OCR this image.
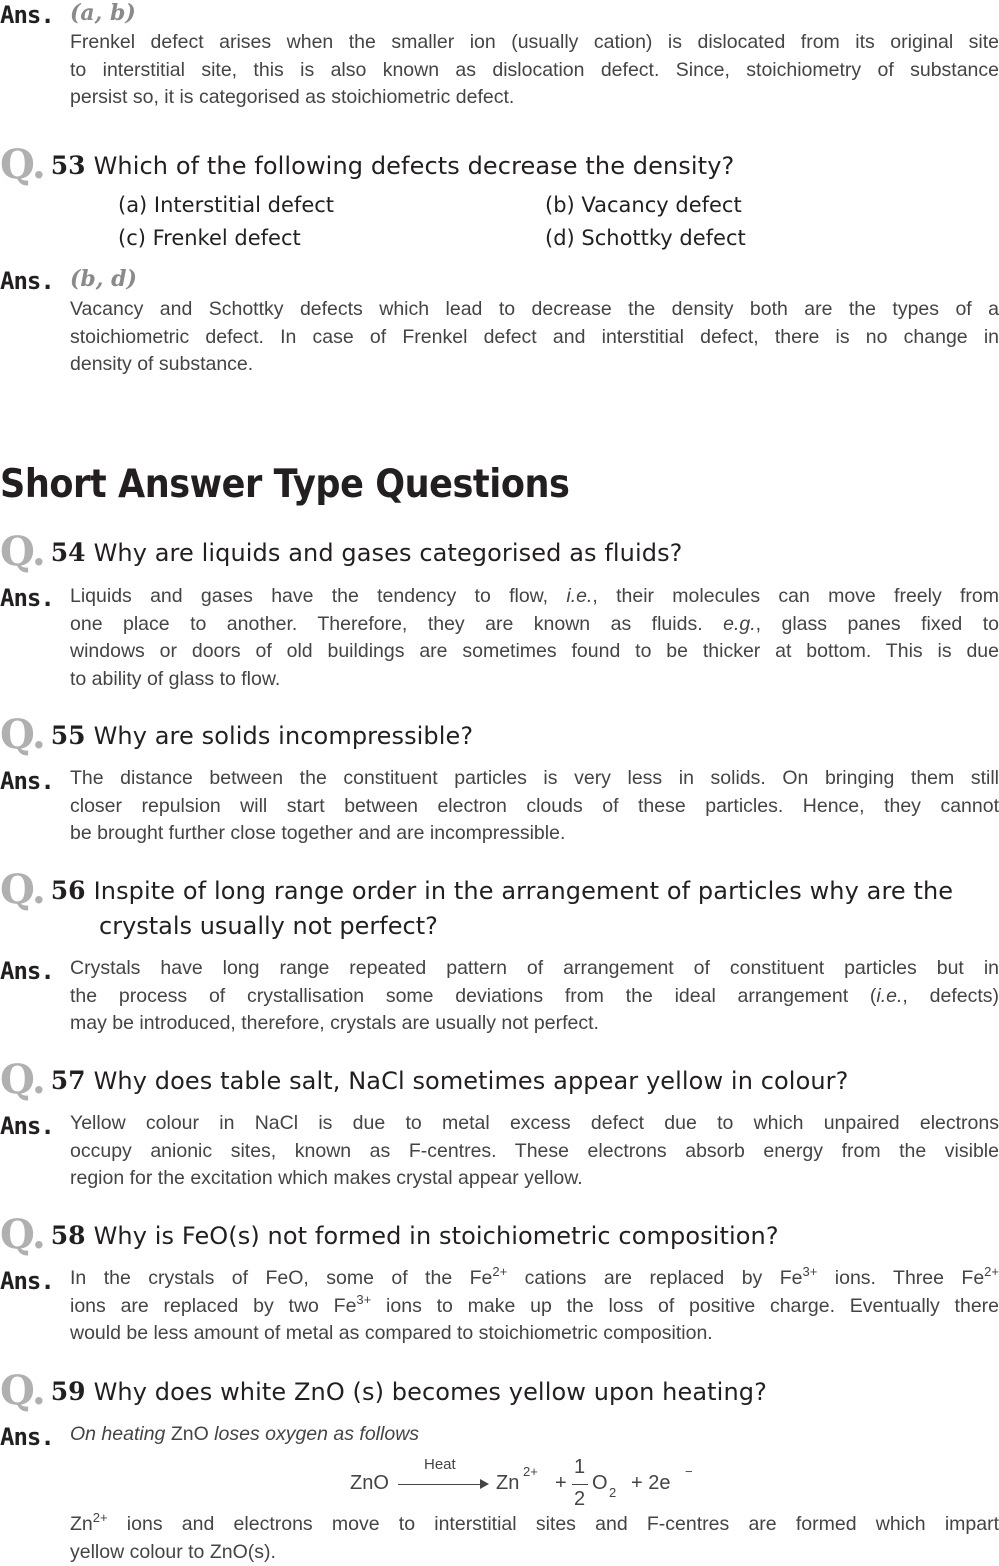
Ans. (a, b)
Frenkel defect arises when the smaller ion (usually cation) is dislocated from its original site
to interstitial site, this is also known as dislocation defect. Since, stoichiometry of substance
persist so, it is categorised as stoichiometric defect.
Q. 53 Which of the following defects decrease the density?
(a) Interstitial defect	(b) Vacancy defect
(c) Frenkel defect	(d) Schottky defect
Ans. (b, d)
Vacancy and Schottky defects which lead to decrease the density both are the types of a
stoichiometric defect. In case of Frenkel defect and interstitial defect, there is no change in
density of substance.
Short Answer Type Questions
Q. 54 Why are liquids and gases categorised as fluids?
Ans. Liquids and gases have the tendency to flow, i.e., their molecules can move freely from
one place to another. Therefore, they are known as fluids. e.g., glass panes fixed to
windows or doors of old buildings are sometimes found to be thicker at bottom. This is due
to ability of glass to flow.
Q. 55 Why are solids incompressible?
Ans. The distance between the constituent particles is very less in solids. On bringing them still
closer repulsion will start between electron clouds of these particles. Hence, they cannot
be brought further close together and are incompressible.
Q. 56 Inspite of long range order in the arrangement of particles why are the
crystals usually not perfect?
Ans. Crystals have long range repeated pattern of arrangement of constituent particles but in
the process of crystallisation some deviations from the ideal arrangement (i.e., defects)
may be introduced, therefore, crystals are usually not perfect.
Q. 57 Why does table salt, NaCl sometimes appear yellow in colour?
Ans. Yellow colour in NaCl is due to metal excess defect due to which unpaired electrons
occupy anionic sites, known as F-centres. These electrons absorb energy from the visible
region for the excitation which makes crystal appear yellow.
Q. 58 Why is FeO(s) not formed in stoichiometric composition?
Ans. In the crystals of FeO, some of the $Fe^{2+}$ cations are replaced by $Fe^{3+}$ ions. Three $Fe^{2+}$
ions are replaced by two $Fe^{3+}$ ions to make up the loss of positive charge. Eventually there
would be less amount of metal as compared to stoichiometric composition.
Q. 59 Why does white ZnO (s) becomes yellow upon heating?
Ans. On heating ZnO loses oxygen as follows
ZnO
Heat
Zn
2+
+
1
2
O 2 + 2e
−
$Zn^{2+}$ ions and electrons move to interstitial sites and F-centres are formed which impart
yellow colour to ZnO(s).
